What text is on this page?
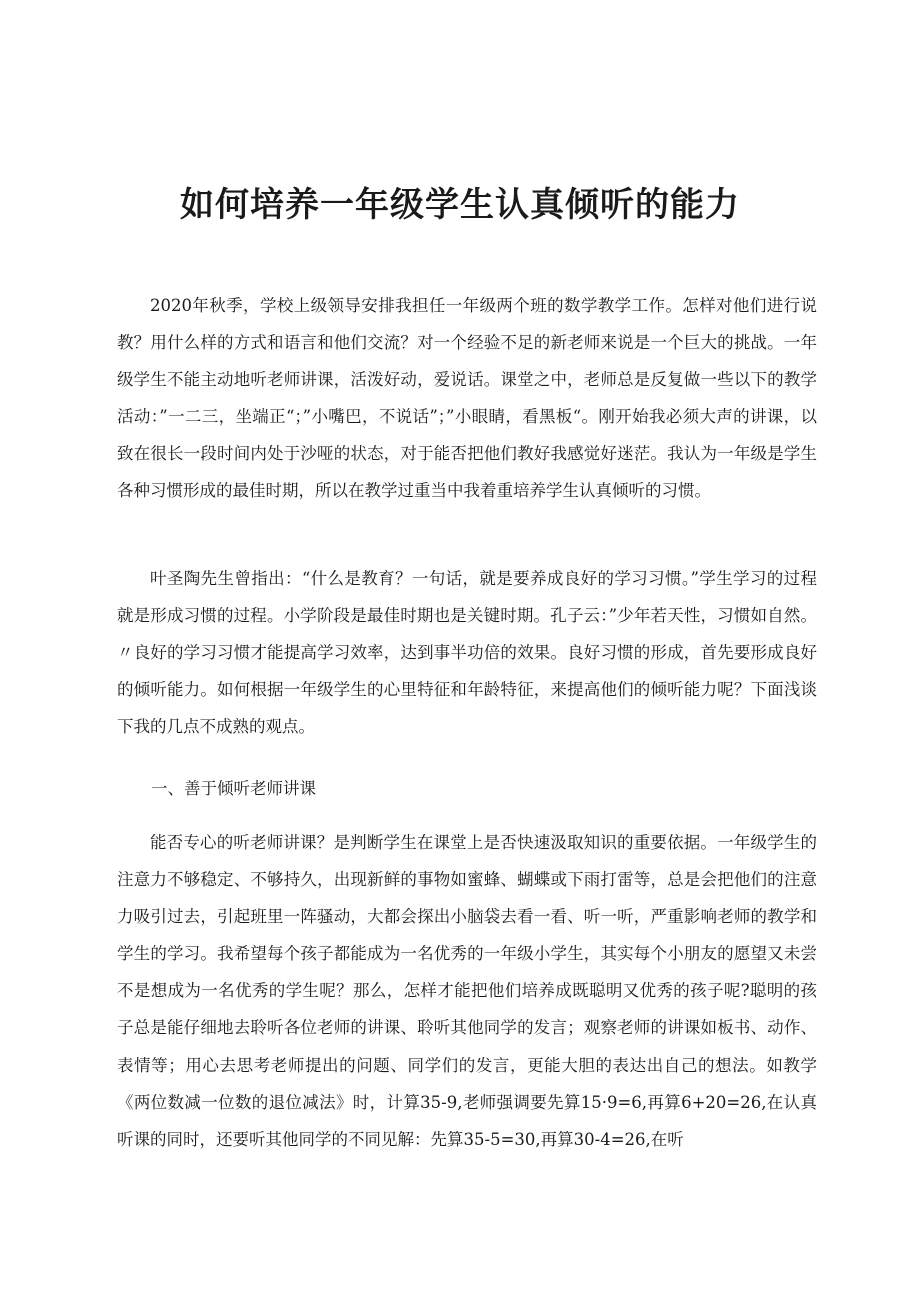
如何培养一年级学生认真倾听的能力

2020年秋季，学校上级领导安排我担任一年级两个班的数学教学工作。怎样对他们进行说教？用什么样的方式和语言和他们交流？对一个经验不足的新老师来说是一个巨大的挑战。一年级学生不能主动地听老师讲课，活泼好动，爱说话。课堂之中，老师总是反复做一些以下的教学活动：”一二三，坐端正“；”小嘴巴，不说话”；”小眼睛，看黑板“。刚开始我必须大声的讲课，以致在很长一段时间内处于沙哑的状态，对于能否把他们教好我感觉好迷茫。我认为一年级是学生各种习惯形成的最佳时期，所以在教学过重当中我着重培养学生认真倾听的习惯。

叶圣陶先生曾指出：“什么是教育？一句话，就是要养成良好的学习习惯。”学生学习的过程就是形成习惯的过程。小学阶段是最佳时期也是关键时期。孔子云：”少年若天性，习惯如自然。〃良好的学习习惯才能提高学习效率，达到事半功倍的效果。良好习惯的形成，首先要形成良好的倾听能力。如何根据一年级学生的心里特征和年龄特征，来提高他们的倾听能力呢？下面浅谈下我的几点不成熟的观点。

一、善于倾听老师讲课

能否专心的听老师讲课？是判断学生在课堂上是否快速汲取知识的重要依据。一年级学生的注意力不够稳定、不够持久，出现新鲜的事物如蜜蜂、蝴蝶或下雨打雷等，总是会把他们的注意力吸引过去，引起班里一阵骚动，大都会探出小脑袋去看一看、听一听，严重影响老师的教学和学生的学习。我希望每个孩子都能成为一名优秀的一年级小学生，其实每个小朋友的愿望又未尝不是想成为一名优秀的学生呢？那么，怎样才能把他们培养成既聪明又优秀的孩子呢?聪明的孩子总是能仔细地去聆听各位老师的讲课、聆听其他同学的发言；观察老师的讲课如板书、动作、表情等；用心去思考老师提出的问题、同学们的发言，更能大胆的表达出自己的想法。如教学《两位数减一位数的退位减法》时，计算35-9,老师强调要先算15·9=6,再算6+20=26,在认真听课的同时，还要听其他同学的不同见解：先算35-5=30,再算30-4=26,在听
